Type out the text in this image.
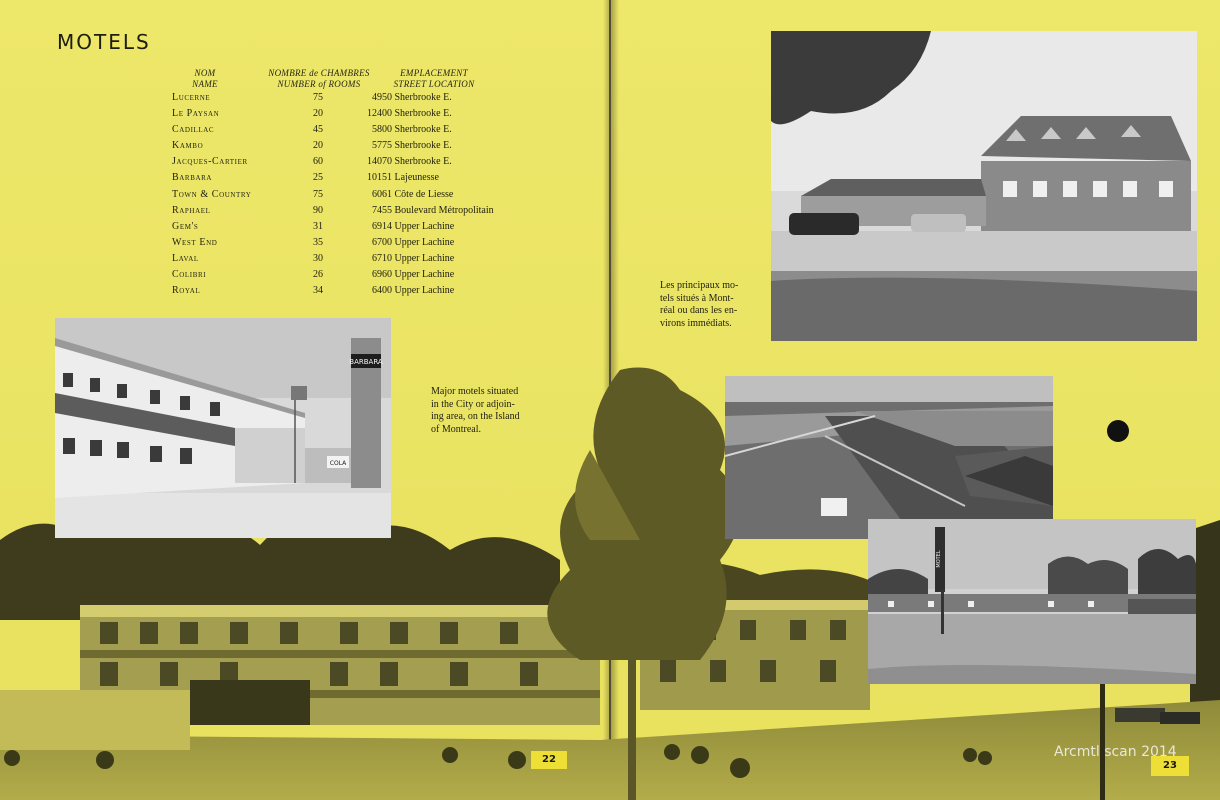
MOTELS
NOM
NAME
NOMBRE de CHAMBRES
NUMBER of ROOMS
EMPLACEMENT
STREET LOCATION
Lucerne	75	4950 Sherbrooke E.
Le Paysan	20	12400 Sherbrooke E.
Cadillac	45	5800 Sherbrooke E.
Kambo	20	5775 Sherbrooke E.
Jacques-Cartier	60	14070 Sherbrooke E.
Barbara	25	10151 Lajeunesse
Town & Country	75	6061 Côte de Liesse
Raphael	90	7455 Boulevard Métropolitain
Gem's	31	6914 Upper Lachine
West End	35	6700 Upper Lachine
Laval	30	6710 Upper Lachine
Colibri	26	6960 Upper Lachine
Royal	34	6400 Upper Lachine

Major motels situated
in the City or adjoin-
ing area, on the Island
of Montreal.

Les principaux mo-
tels situés à Mont-
réal ou dans les en-
virons immédiats.

BARBARA
COLA
MOTEL
22
23
Arcmtl scan 2014
